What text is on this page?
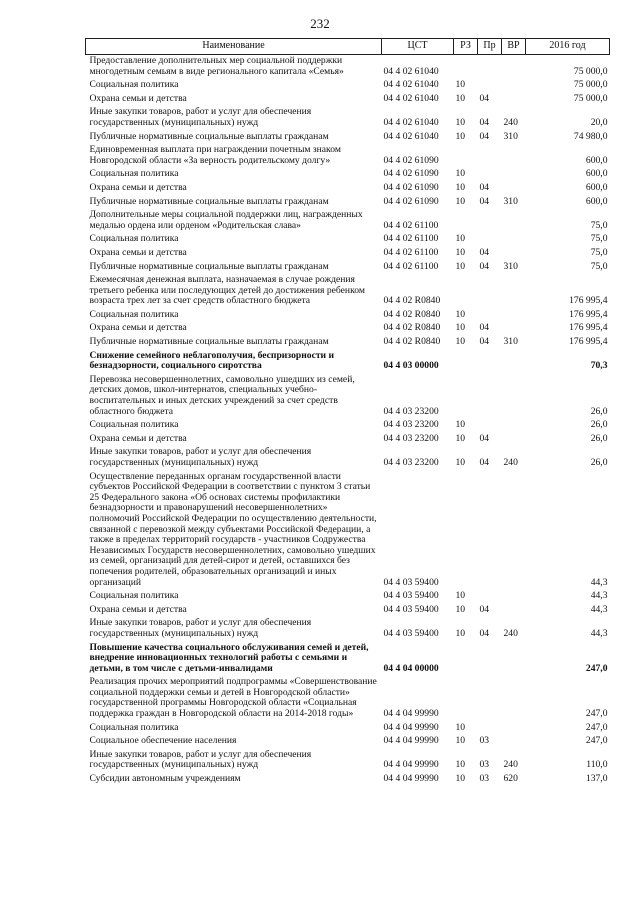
232
Наименование	ЦСТ	РЗ	Пр	ВР	2016 год
Предоставление дополнительных мер социальной поддержки многодетным семьям в виде регионального капитала «Семья»	04 4 02 61040				75 000,0
Социальная политика	04 4 02 61040	10			75 000,0
Охрана семьи и детства	04 4 02 61040	10	04		75 000,0
Иные закупки товаров, работ и услуг для обеспечения государственных (муниципальных) нужд	04 4 02 61040	10	04	240	20,0
Публичные нормативные социальные выплаты гражданам	04 4 02 61040	10	04	310	74 980,0
Единовременная выплата при награждении почетным знаком Новгородской области «За верность родительскому долгу»	04 4 02 61090				600,0
Социальная политика	04 4 02 61090	10			600,0
Охрана семьи и детства	04 4 02 61090	10	04		600,0
Публичные нормативные социальные выплаты гражданам	04 4 02 61090	10	04	310	600,0
Дополнительные меры социальной поддержки лиц, награжденных медалью ордена или орденом «Родительская слава»	04 4 02 61100				75,0
Социальная политика	04 4 02 61100	10			75,0
Охрана семьи и детства	04 4 02 61100	10	04		75,0
Публичные нормативные социальные выплаты гражданам	04 4 02 61100	10	04	310	75,0
Ежемесячная денежная выплата, назначаемая в случае рождения третьего ребенка или последующих детей до достижения ребенком возраста трех лет за счет средств областного бюджета	04 4 02 R0840				176 995,4
Социальная политика	04 4 02 R0840	10			176 995,4
Охрана семьи и детства	04 4 02 R0840	10	04		176 995,4
Публичные нормативные социальные выплаты гражданам	04 4 02 R0840	10	04	310	176 995,4
Снижение семейного неблагополучия, беспризорности и безнадзорности, социального сиротства	04 4 03 00000				70,3
Перевозка несовершеннолетних, самовольно ушедших из семей, детских домов, школ-интернатов, специальных учебно-воспитательных и иных детских учреждений за счет средств областного бюджета	04 4 03 23200				26,0
Социальная политика	04 4 03 23200	10			26,0
Охрана семьи и детства	04 4 03 23200	10	04		26,0
Иные закупки товаров, работ и услуг для обеспечения государственных (муниципальных) нужд	04 4 03 23200	10	04	240	26,0
Осуществление переданных органам государственной власти субъектов Российской Федерации в соответствии с пунктом 3 статьи 25 Федерального закона «Об основах системы профилактики безнадзорности и правонарушений несовершеннолетних» полномочий Российской Федерации по осуществлению деятельности, связанной с перевозкой между субъектами Российской Федерации, а также в пределах территорий государств - участников Содружества Независимых Государств несовершеннолетних, самовольно ушедших из семей, организаций для детей-сирот и детей, оставшихся без попечения родителей, образовательных организаций и иных организаций	04 4 03 59400				44,3
Социальная политика	04 4 03 59400	10			44,3
Охрана семьи и детства	04 4 03 59400	10	04		44,3
Иные закупки товаров, работ и услуг для обеспечения государственных (муниципальных) нужд	04 4 03 59400	10	04	240	44,3
Повышение качества социального обслуживания семей и детей, внедрение инновационных технологий работы с семьями и детьми, в том числе с детьми-инвалидами	04 4 04 00000				247,0
Реализация прочих мероприятий подпрограммы «Совершенствование социальной поддержки семьи и детей в Новгородской области» государственной программы Новгородской области «Социальная поддержка граждан в Новгородской области на 2014-2018 годы»	04 4 04 99990				247,0
Социальная политика	04 4 04 99990	10			247,0
Социальное обеспечение населения	04 4 04 99990	10	03		247,0
Иные закупки товаров, работ и услуг для обеспечения государственных (муниципальных) нужд	04 4 04 99990	10	03	240	110,0
Субсидии автономным учреждениям	04 4 04 99990	10	03	620	137,0
